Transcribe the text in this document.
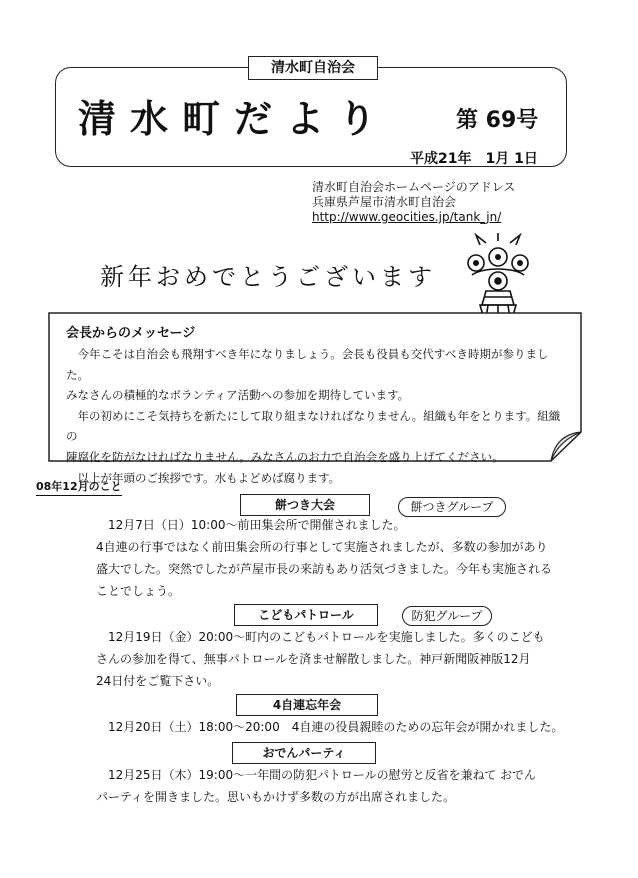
清水町自治会
清水町だより	第 69号
平成21年　1月 1日
清水町自治会ホームページのアドレス
兵庫県芦屋市清水町自治会
http://www.geocities.jp/tank_jn/
新年おめでとうございます
会長からのメッセージ

　今年こそは自治会も飛翔すべき年になりましょう。会長も役員も交代すべき時期が参りました。

みなさんの積極的なボランティア活動への参加を期待しています。

　年の初めにこそ気持ちを新たにして取り組まなければなりません。組織も年をとります。組織の

陳腐化を防がなければなりません。みなさんのお力で自治会を盛り上げてください。

　以上が年頭のご挨拶です。水もよどめば腐ります。

08年12月のこと
餅つき大会	餅つきグループ

　12月7日（日）10:00～前田集会所で開催されました。

4自連の行事ではなく前田集会所の行事として実施されましたが、多数の参加があり

盛大でした。突然でしたが芦屋市長の来訪もあり活気づきました。今年も実施される

ことでしょう。

こどもパトロール	防犯グループ

　12月19日（金）20:00～町内のこどもパトロールを実施しました。多くのこども

さんの参加を得て、無事パトロールを済ませ解散しました。神戸新聞阪神版12月

24日付をご覧下さい。

4自連忘年会

　12月20日（土）18:00～20:00　4自連の役員親睦のための忘年会が開かれました。

おでんパーティ

　12月25日（木）19:00～一年間の防犯パトロールの慰労と反省を兼ねて おでん

パーティを開きました。思いもかけず多数の方が出席されました。
